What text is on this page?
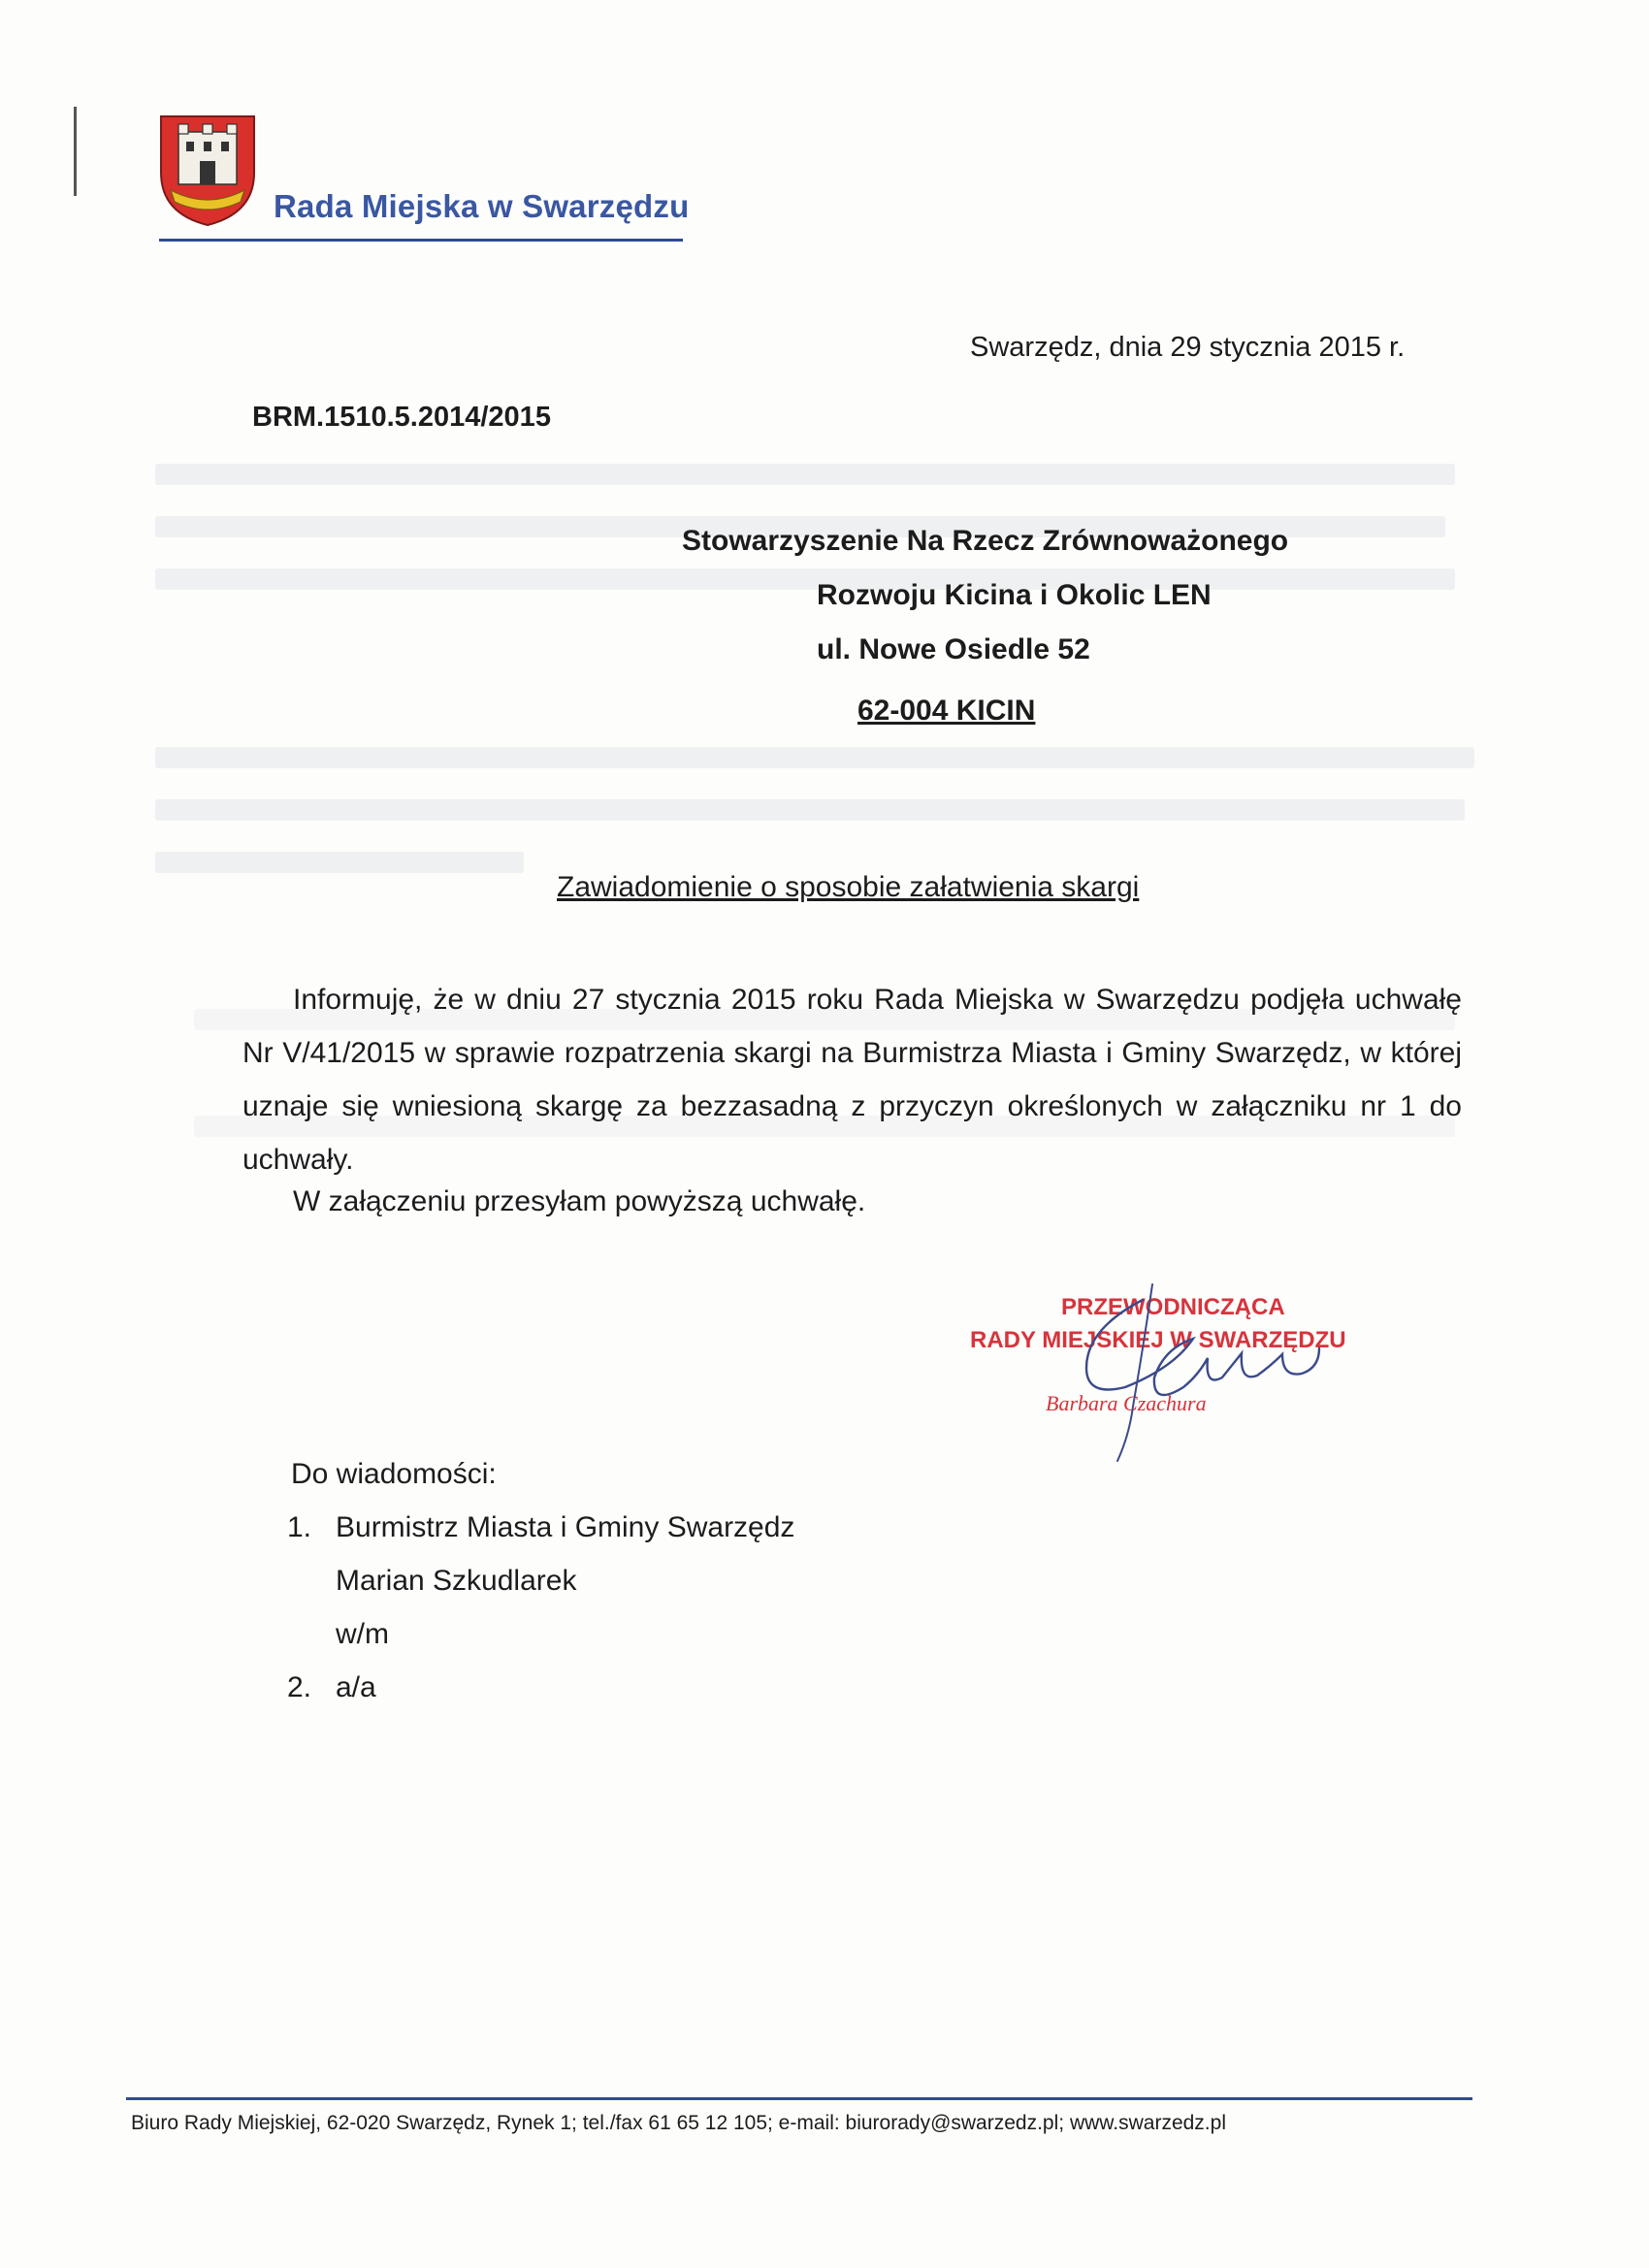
Rada Miejska w Swarzędzu
Swarzędz, dnia 29 stycznia 2015 r.
BRM.1510.5.2014/2015
Stowarzyszenie Na Rzecz Zrównoważonego
Rozwoju Kicina i Okolic LEN
ul. Nowe Osiedle 52
62-004 KICIN
Zawiadomienie o sposobie załatwienia skargi
Informuję, że w dniu 27 stycznia 2015 roku Rada Miejska w Swarzędzu podjęła uchwałę Nr V/41/2015 w sprawie rozpatrzenia skargi na Burmistrza Miasta i Gminy Swarzędz, w której uznaje się wniesioną skargę za bezzasadną z przyczyn określonych w załączniku nr 1 do uchwały.
W załączeniu przesyłam powyższą uchwałę.
PRZEWODNICZĄCA
RADY MIEJSKIEJ W SWARZĘDZU
Barbara Czachura
Do wiadomości:
1. Burmistrz Miasta i Gminy Swarzędz
Marian Szkudlarek
w/m
2. a/a
Biuro Rady Miejskiej, 62-020 Swarzędz, Rynek 1; tel./fax 61 65 12 105; e-mail: biurorady@swarzedz.pl; www.swarzedz.pl
